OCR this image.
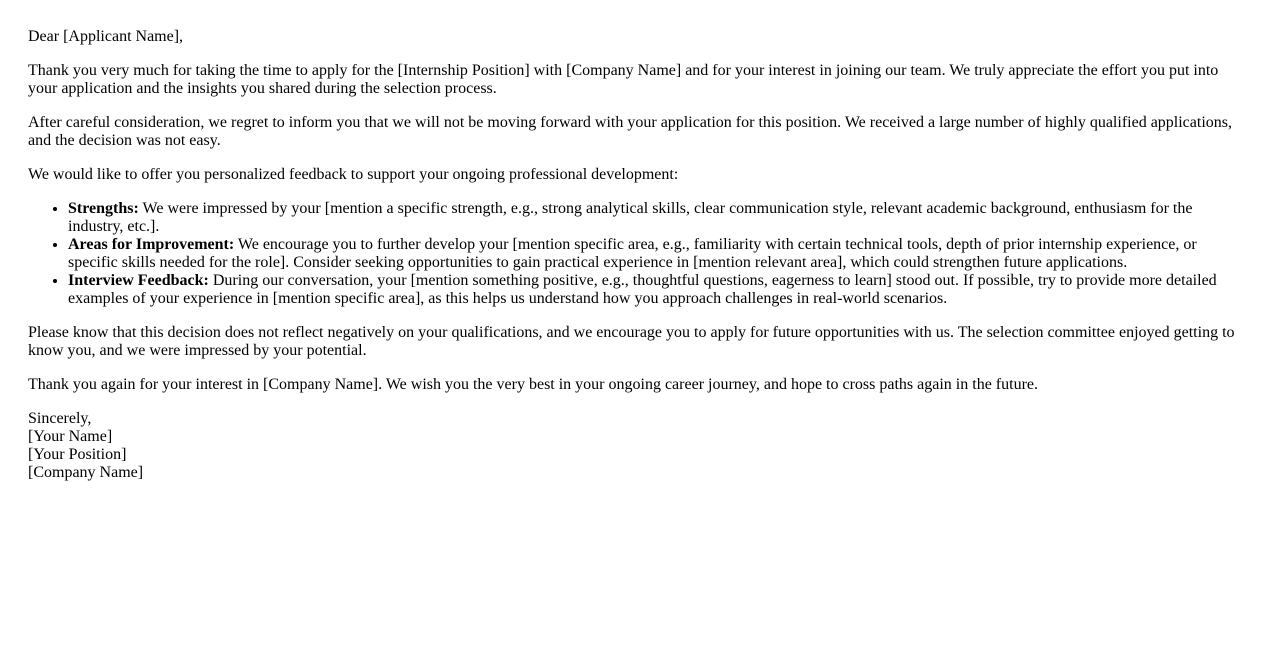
Dear [Applicant Name],

Thank you very much for taking the time to apply for the [Internship Position] with [Company Name] and for your interest in joining our team. We truly appreciate the effort you put into your application and the insights you shared during the selection process.

After careful consideration, we regret to inform you that we will not be moving forward with your application for this position. We received a large number of highly qualified applications, and the decision was not easy.

We would like to offer you personalized feedback to support your ongoing professional development:

• Strengths: We were impressed by your [mention a specific strength, e.g., strong analytical skills, clear communication style, relevant academic background, enthusiasm for the industry, etc.].
• Areas for Improvement: We encourage you to further develop your [mention specific area, e.g., familiarity with certain technical tools, depth of prior internship experience, or specific skills needed for the role]. Consider seeking opportunities to gain practical experience in [mention relevant area], which could strengthen future applications.
• Interview Feedback: During our conversation, your [mention something positive, e.g., thoughtful questions, eagerness to learn] stood out. If possible, try to provide more detailed examples of your experience in [mention specific area], as this helps us understand how you approach challenges in real-world scenarios.

Please know that this decision does not reflect negatively on your qualifications, and we encourage you to apply for future opportunities with us. The selection committee enjoyed getting to know you, and we were impressed by your potential.

Thank you again for your interest in [Company Name]. We wish you the very best in your ongoing career journey, and hope to cross paths again in the future.

Sincerely,

[Your Name]

[Your Position]

[Company Name]
